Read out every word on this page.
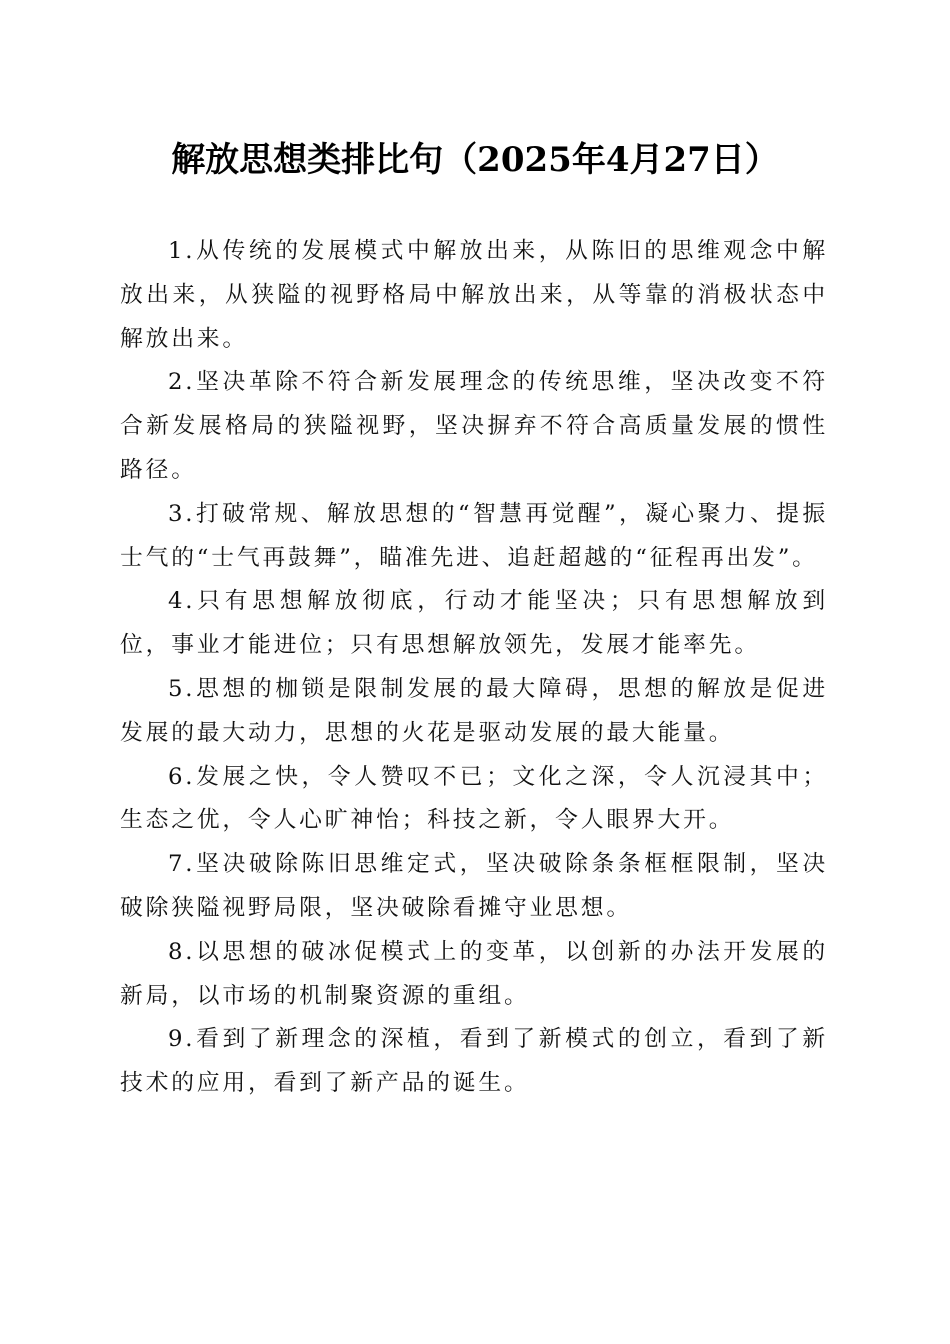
解放思想类排比句（2025年4月27日）

1.从传统的发展模式中解放出来，从陈旧的思维观念中解放出来，从狭隘的视野格局中解放出来，从等靠的消极状态中解放出来。

2.坚决革除不符合新发展理念的传统思维，坚决改变不符合新发展格局的狭隘视野，坚决摒弃不符合高质量发展的惯性路径。

3.打破常规、解放思想的“智慧再觉醒”，凝心聚力、提振士气的“士气再鼓舞”，瞄准先进、追赶超越的“征程再出发”。

4.只有思想解放彻底，行动才能坚决；只有思想解放到位，事业才能进位；只有思想解放领先，发展才能率先。

5.思想的枷锁是限制发展的最大障碍，思想的解放是促进发展的最大动力，思想的火花是驱动发展的最大能量。

6.发展之快，令人赞叹不已；文化之深，令人沉浸其中；生态之优，令人心旷神怡；科技之新，令人眼界大开。

7.坚决破除陈旧思维定式，坚决破除条条框框限制，坚决破除狭隘视野局限，坚决破除看摊守业思想。

8.以思想的破冰促模式上的变革，以创新的办法开发展的新局，以市场的机制聚资源的重组。

9.看到了新理念的深植，看到了新模式的创立，看到了新技术的应用，看到了新产品的诞生。
